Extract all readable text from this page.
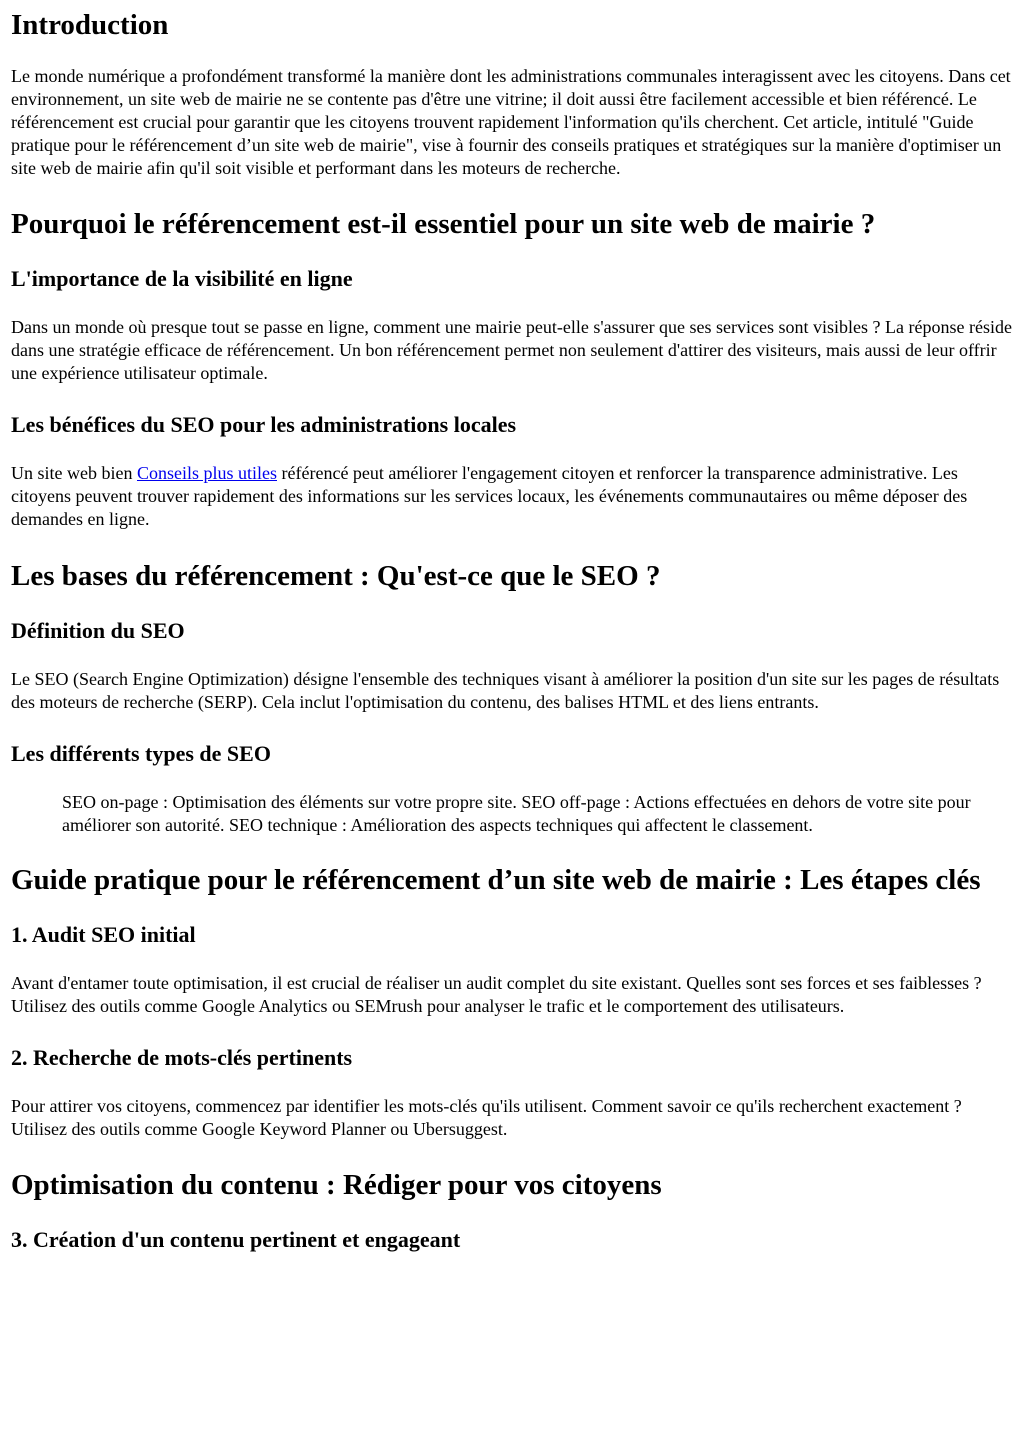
Introduction

Le monde numérique a profondément transformé la manière dont les administrations communales interagissent avec les citoyens. Dans cet environnement, un site web de mairie ne se contente pas d'être une vitrine; il doit aussi être facilement accessible et bien référencé. Le référencement est crucial pour garantir que les citoyens trouvent rapidement l'information qu'ils cherchent. Cet article, intitulé "Guide pratique pour le référencement d’un site web de mairie", vise à fournir des conseils pratiques et stratégiques sur la manière d'optimiser un site web de mairie afin qu'il soit visible et performant dans les moteurs de recherche.

Pourquoi le référencement est-il essentiel pour un site web de mairie ?
L'importance de la visibilité en ligne

Dans un monde où presque tout se passe en ligne, comment une mairie peut-elle s'assurer que ses services sont visibles ? La réponse réside dans une stratégie efficace de référencement. Un bon référencement permet non seulement d'attirer des visiteurs, mais aussi de leur offrir une expérience utilisateur optimale.

Les bénéfices du SEO pour les administrations locales

Un site web bien Conseils plus utiles référencé peut améliorer l'engagement citoyen et renforcer la transparence administrative. Les citoyens peuvent trouver rapidement des informations sur les services locaux, les événements communautaires ou même déposer des demandes en ligne.

Les bases du référencement : Qu'est-ce que le SEO ?
Définition du SEO

Le SEO (Search Engine Optimization) désigne l'ensemble des techniques visant à améliorer la position d'un site sur les pages de résultats des moteurs de recherche (SERP). Cela inclut l'optimisation du contenu, des balises HTML et des liens entrants.

Les différents types de SEO
SEO on-page : Optimisation des éléments sur votre propre site. SEO off-page : Actions effectuées en dehors de votre site pour améliorer son autorité. SEO technique : Amélioration des aspects techniques qui affectent le classement.
Guide pratique pour le référencement d’un site web de mairie : Les étapes clés
1. Audit SEO initial

Avant d'entamer toute optimisation, il est crucial de réaliser un audit complet du site existant. Quelles sont ses forces et ses faiblesses ? Utilisez des outils comme Google Analytics ou SEMrush pour analyser le trafic et le comportement des utilisateurs.

2. Recherche de mots-clés pertinents

Pour attirer vos citoyens, commencez par identifier les mots-clés qu'ils utilisent. Comment savoir ce qu'ils recherchent exactement ? Utilisez des outils comme Google Keyword Planner ou Ubersuggest.

Optimisation du contenu : Rédiger pour vos citoyens
3. Création d'un contenu pertinent et engageant
